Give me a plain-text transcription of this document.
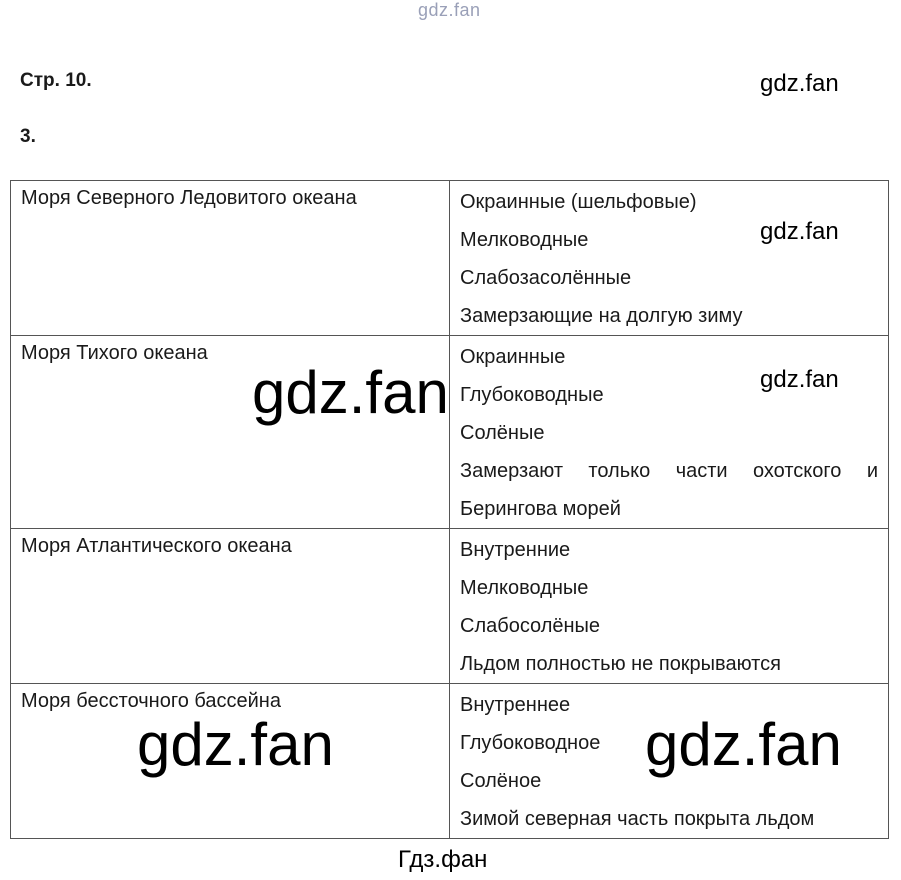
gdz.fan
Стр. 10.
3.
Моря Северного Ледовитого океана	Окраинные (шельфовые)
Мелководные
Слабозасолённые
Замерзающие на долгую зиму

Моря Тихого океана	Окраинные
Глубоководные
Солёные
Замерзают только части охотского и
Берингова морей

Моря Атлантического океана	Внутренние
Мелководные
Слабосолёные
Льдом полностью не покрываются

Моря бессточного бассейна	Внутреннее
Глубоководное
Солёное
Зимой северная часть покрыта льдом
gdz.fan
gdz.fan
gdz.fan
gdz.fan
gdz.fan	gdz.fan
Гдз.фан
